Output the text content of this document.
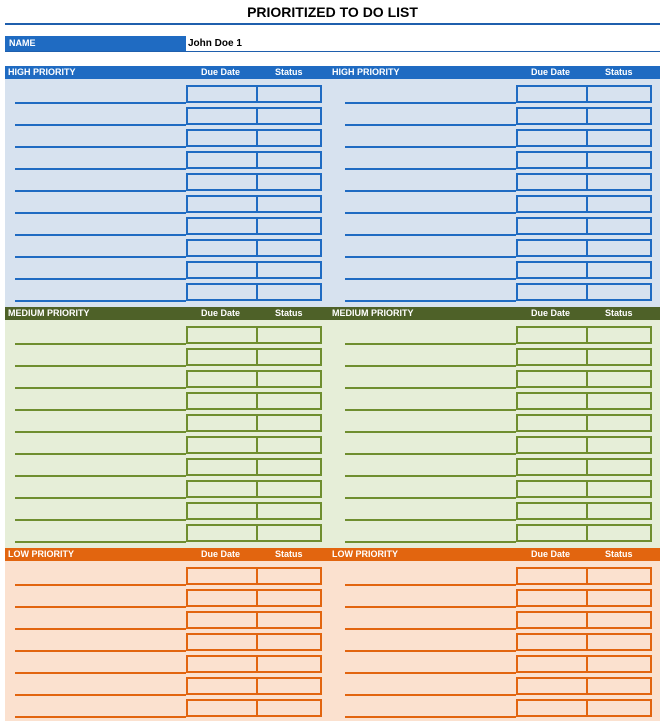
PRIORITIZED TO DO LIST
NAME	John Doe 1
HIGH PRIORITY	Due Date	Status	HIGH PRIORITY	Due Date	Status
MEDIUM PRIORITY	Due Date	Status	MEDIUM PRIORITY	Due Date	Status
LOW PRIORITY	Due Date	Status	LOW PRIORITY	Due Date	Status
